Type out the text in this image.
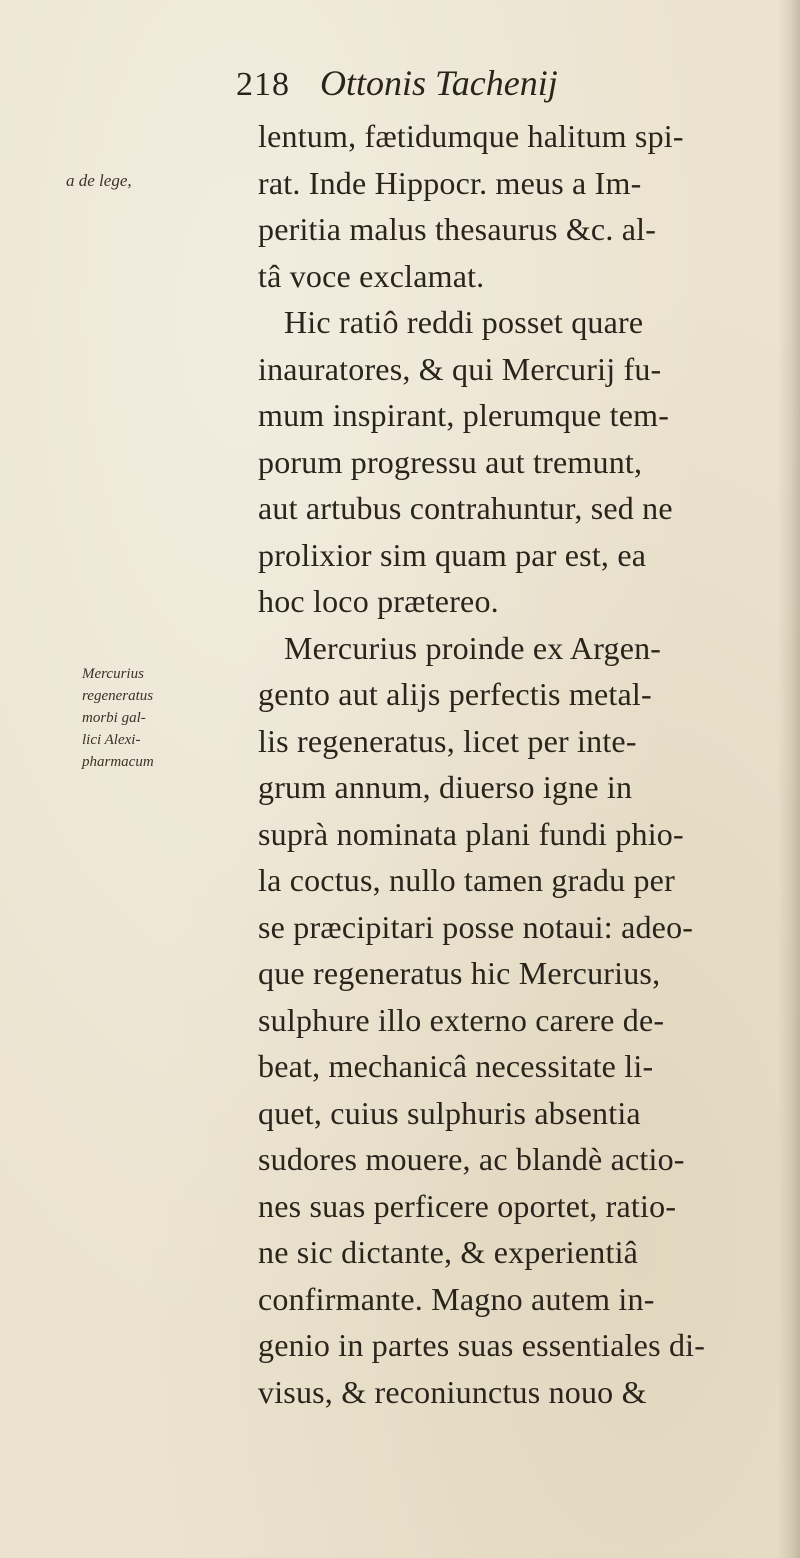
218 Ottonis Tachenij
a de lege,
Mercurius
regeneratus
morbi gal-
lici Alexi-
pharmacum
lentum, fætidumque halitum spi-
rat. Inde Hippocr. meus a Im-
peritia malus thesaurus &c. al-
tâ voce exclamat.
Hic ratiô reddi posset quare
inauratores, & qui Mercurij fu-
mum inspirant, plerumque tem-
porum progressu aut tremunt,
aut artubus contrahuntur, sed ne
prolixior sim quam par est, ea
hoc loco prætereo.
Mercurius proinde ex Argen-
gento aut alijs perfectis metal-
lis regeneratus, licet per inte-
grum annum, diuerso igne in
suprà nominata plani fundi phio-
la coctus, nullo tamen gradu per
se præcipitari posse notaui: adeo-
que regeneratus hic Mercurius,
sulphure illo externo carere de-
beat, mechanicâ necessitate li-
quet, cuius sulphuris absentia
sudores mouere, ac blandè actio-
nes suas perficere oportet, ratio-
ne sic dictante, & experientiâ
confirmante. Magno autem in-
genio in partes suas essentiales di-
visus, & reconiunctus nouo &
